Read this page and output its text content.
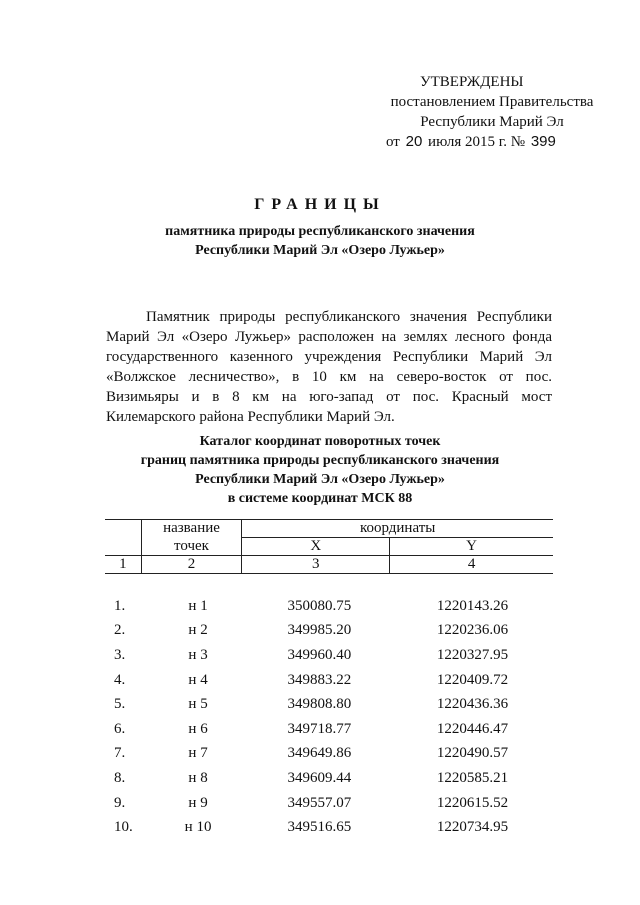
УТВЕРЖДЕНЫ
постановлением Правительства
Республики Марий Эл
от 20 июля 2015 г. № 399
ГРАНИЦЫ
памятника природы республиканского значения
Республики Марий Эл «Озеро Лужьер»
Памятник природы республиканского значения Республики Марий Эл «Озеро Лужьер» расположен на землях лесного фонда государственного казенного учреждения Республики Марий Эл «Волжское лесничество», в 10 км на северо-восток от пос. Визимьяры и в 8 км на юго-запад от пос. Красный мост Килемарского района Республики Марий Эл.
Каталог координат поворотных точек
границ памятника природы республиканского значения
Республики Марий Эл «Озеро Лужьер»
в системе координат МСК 88
	название	координаты	
	точек	X	Y
1	2	3	4
1.	н 1	350080.75	1220143.26
2.	н 2	349985.20	1220236.06
3.	н 3	349960.40	1220327.95
4.	н 4	349883.22	1220409.72
5.	н 5	349808.80	1220436.36
6.	н 6	349718.77	1220446.47
7.	н 7	349649.86	1220490.57
8.	н 8	349609.44	1220585.21
9.	н 9	349557.07	1220615.52
10.	н 10	349516.65	1220734.95
